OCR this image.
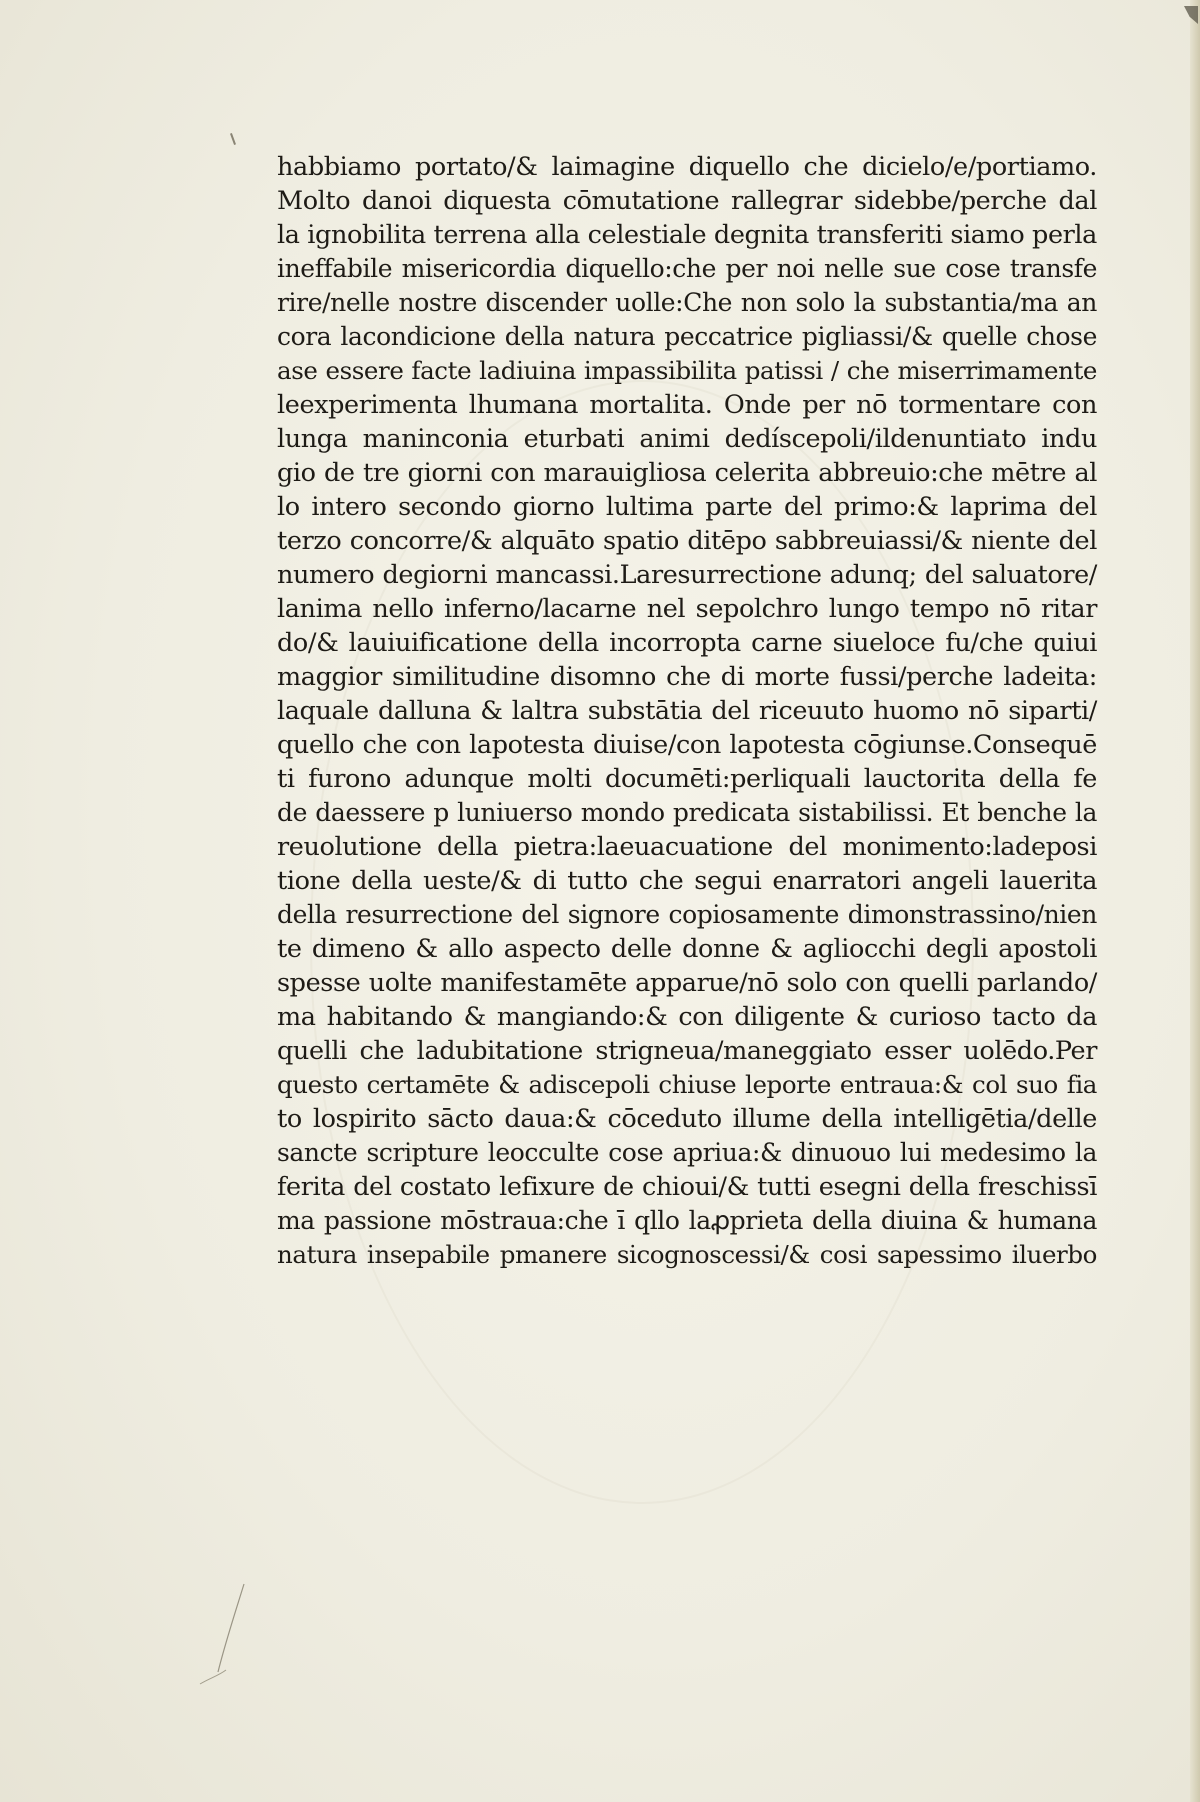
habbiamo portato/& laimagine diquello che dicielo/e/portiamo.
Molto danoi diquesta cōmutatione rallegrar sidebbe/perche dal
la ignobilita terrena alla celestiale degnita transferiti siamo perla
ineffabile misericordia diquello:che per noi nelle sue cose transfe
rire/nelle nostre discender uolle:Che non solo la substantia/ma an
cora lacondicione della natura peccatrice pigliassi/& quelle chose
ase essere facte ladiuina impassibilita patissi / che miserrimamente
leexperimenta lhumana mortalita. Onde per nō tormentare con
lunga maninconia eturbati animi dedíscepoli/ildenuntiato indu
gio de tre giorni con marauigliosa celerita abbreuio:che mētre al
lo intero secondo giorno lultima parte del primo:& laprima del
terzo concorre/& alquāto spatio ditēpo sabbreuiassi/& niente del
numero degiorni mancassi.Laresurrectione adunq; del saluatore/
lanima nello inferno/lacarne nel sepolchro lungo tempo nō ritar
do/& lauiuificatione della incorropta carne siueloce fu/che quiui
maggior similitudine disomno che di morte fussi/perche ladeita:
laquale dalluna & laltra substātia del riceuuto huomo nō siparti/
quello che con lapotesta diuise/con lapotesta cōgiunse.Consequē
ti furono adunque molti documēti:perliquali lauctorita della fe
de daessere p luniuerso mondo predicata sistabilissi. Et benche la
reuolutione della pietra:laeuacuatione del monimento:ladeposi
tione della ueste/& di tutto che segui enarratori angeli lauerita
della resurrectione del signore copiosamente dimonstrassino/nien
te dimeno & allo aspecto delle donne & agliocchi degli apostoli
spesse uolte manifestamēte apparue/nō solo con quelli parlando/
ma habitando & mangiando:& con diligente & curioso tacto da
quelli che ladubitatione strigneua/maneggiato esser uolēdo.Per
questo certamēte & adiscepoli chiuse leporte entraua:& col suo fia
to lospirito sācto daua:& cōceduto illume della intelligētia/delle
sancte scripture leocculte cose apriua:& dinuouo lui medesimo la
ferita del costato lefixure de chioui/& tutti esegni della freschissī
ma passione mōstraua:che ī qllo laꝓprieta della diuina & humana
natura insepabile pmanere sicognoscessi/& cosi sapessimo iluerbo
